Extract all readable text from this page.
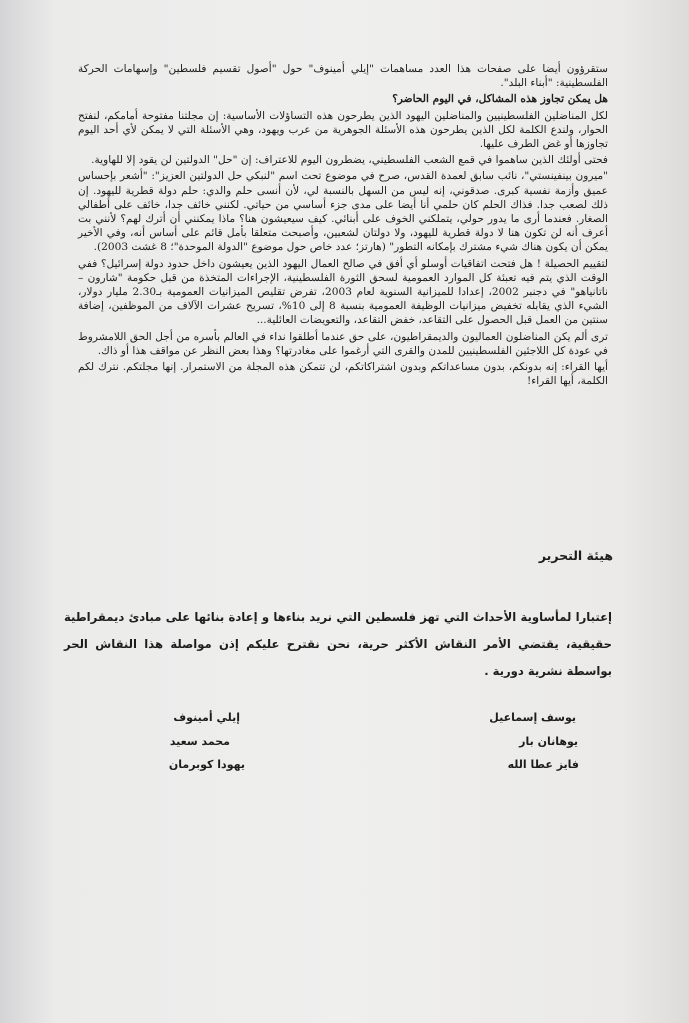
ستقرؤون أيضا على صفحات هذا العدد مساهمات "إيلي أمينوف" حول "أصول تقسيم فلسطين" وإسهامات الحركة الفلسطينية: "أبناء البلد".

هل يمكن تجاوز هذه المشاكل، في اليوم الحاضر؟

لكل المناضلين الفلسطينيين والمناضلين اليهود الذين يطرحون هذه التساؤلات الأساسية: إن مجلتنا مفتوحة أمامكم، لنفتح الحوار، ولندع الكلمة لكل الذين يطرحون هذه الأسئلة الجوهرية من عرب ويهود، وهي الأسئلة التي لا يمكن لأي أحد اليوم تجاوزها أو غض الطرف عليها.

فحتى أولئك الذين ساهموا في قمع الشعب الفلسطيني، يضطرون اليوم للاعتراف: إن "حل" الدولتين لن يقود إلا للهاوية.

"ميرون بينفينستي"، نائب سابق لعمدة القدس، صرح في موضوع تحت اسم "لنبكي حل الدولتين العزيز": "أشعر بإحساس عميق وأزمة نفسية كبرى. صدقوني، إنه ليس من السهل بالنسبة لي، لأن أنسى حلم والدي: حلم دولة قطرية لليهود. إن ذلك لصعب جدا. فذاك الحلم كان حلمي أنا أيضا على مدى جزء أساسي من حياتي. لكنني خائف جدا، خائف على أطفالي الصغار. فعندما أرى ما يدور حولي، يتملكني الخوف على أبنائي. كيف سيعيشون هنا؟ ماذا يمكنني أن أترك لهم؟ لأنني بت أعرف أنه لن تكون هنا لا دولة قطرية لليهود، ولا دولتان لشعبين، وأصبحت متعلقا بأمل قائم على أساس أنه، وفي الأخير يمكن أن يكون هناك شيء مشترك بإمكانه التطور" (هارتز؛ عدد خاص حول موضوع "الدولة الموحدة"؛ 8 غشت 2003).

لتقييم الحصيلة ! هل فتحت اتفاقيات أوسلو أي أفق في صالح العمال اليهود الذين يعيشون داخل حدود دولة إسرائيل؟ ففي الوقت الذي يتم فيه تعبئة كل الموارد العمومية لسحق الثورة الفلسطينية، الإجراءات المتخذة من قبل حكومة "شارون – ناتانياهو" في دجنبر 2002، إعدادا للميزانية السنوية لعام 2003، تفرض تقليص الميزانيات العمومية بـ2.30 مليار دولار، الشيء الذي يقابله تخفيض ميزانيات الوظيفة العمومية بنسبة 8 إلى 10%، تسريح عشرات الآلاف من الموظفين، إضافة سنتين من العمل قبل الحصول على التقاعد، خفض التقاعد، والتعويضات العائلية...

ترى ألم يكن المناضلون العماليون والديمقراطيون، على حق عندما أطلقوا نداء في العالم بأسره من أجل الحق اللامشروط في عودة كل اللاجئين الفلسطينيين للمدن والقرى التي أرغموا على مغادرتها؟ وهذا بعض النظر عن مواقف هذا أو ذاك.

أيها القراء: إنه بدونكم، بدون مساعداتكم وبدون اشتراكاتكم، لن تتمكن هذه المجلة من الاستمرار. إنها مجلتكم. نترك لكم الكلمة، أيها القراء!

هيئة التحرير
إعتبارا لمأساوية الأحداث التي تهز فلسطين التي نريد بناءها و إعادة بنائها على مبادئ ديمقراطية حقيقية، يقتضي الأمر النقاش الأكثر حرية، نحن نقترح عليكم إذن مواصلة هذا النقاش الحر بواسطة نشرية دورية .
يوسف إسماعيل
يوهانان بار
فايز عطا الله
إيلي أمينوف
محمد سعيد
يهودا كوبرمان
